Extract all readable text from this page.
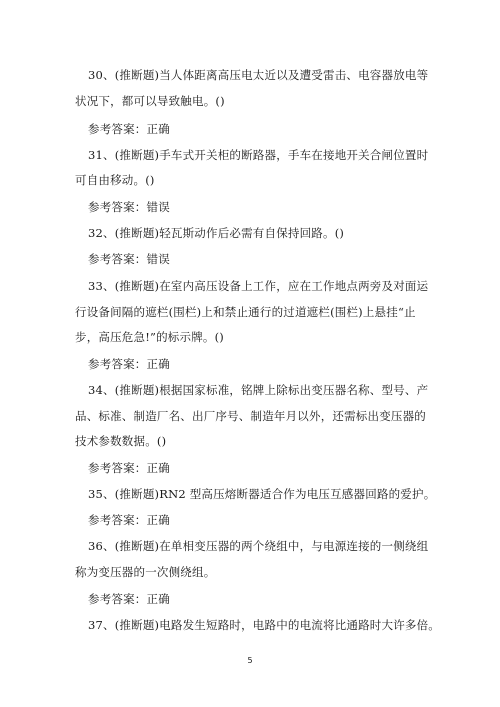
30、(推断题)当人体距离高压电太近以及遭受雷击、电容器放电等
状况下，都可以导致触电。()
参考答案：正确
31、(推断题)手车式开关柜的断路器，手车在接地开关合闸位置时
可自由移动。()
参考答案：错误
32、(推断题)轻瓦斯动作后必需有自保持回路。()
参考答案：错误
33、(推断题)在室内高压设备上工作，应在工作地点两旁及对面运
行设备间隔的遮栏(围栏)上和禁止通行的过道遮栏(围栏)上悬挂“止
步，高压危急!”的标示牌。()
参考答案：正确
34、(推断题)根据国家标准，铭牌上除标出变压器名称、型号、产
品、标准、制造厂名、出厂序号、制造年月以外，还需标出变压器的
技术参数数据。()
参考答案：正确
35、(推断题)RN2 型高压熔断器适合作为电压互感器回路的爱护。
参考答案：正确
36、(推断题)在单相变压器的两个绕组中，与电源连接的一侧绕组
称为变压器的一次侧绕组。
参考答案：正确
37、(推断题)电路发生短路时，电路中的电流将比通路时大许多倍。
5
